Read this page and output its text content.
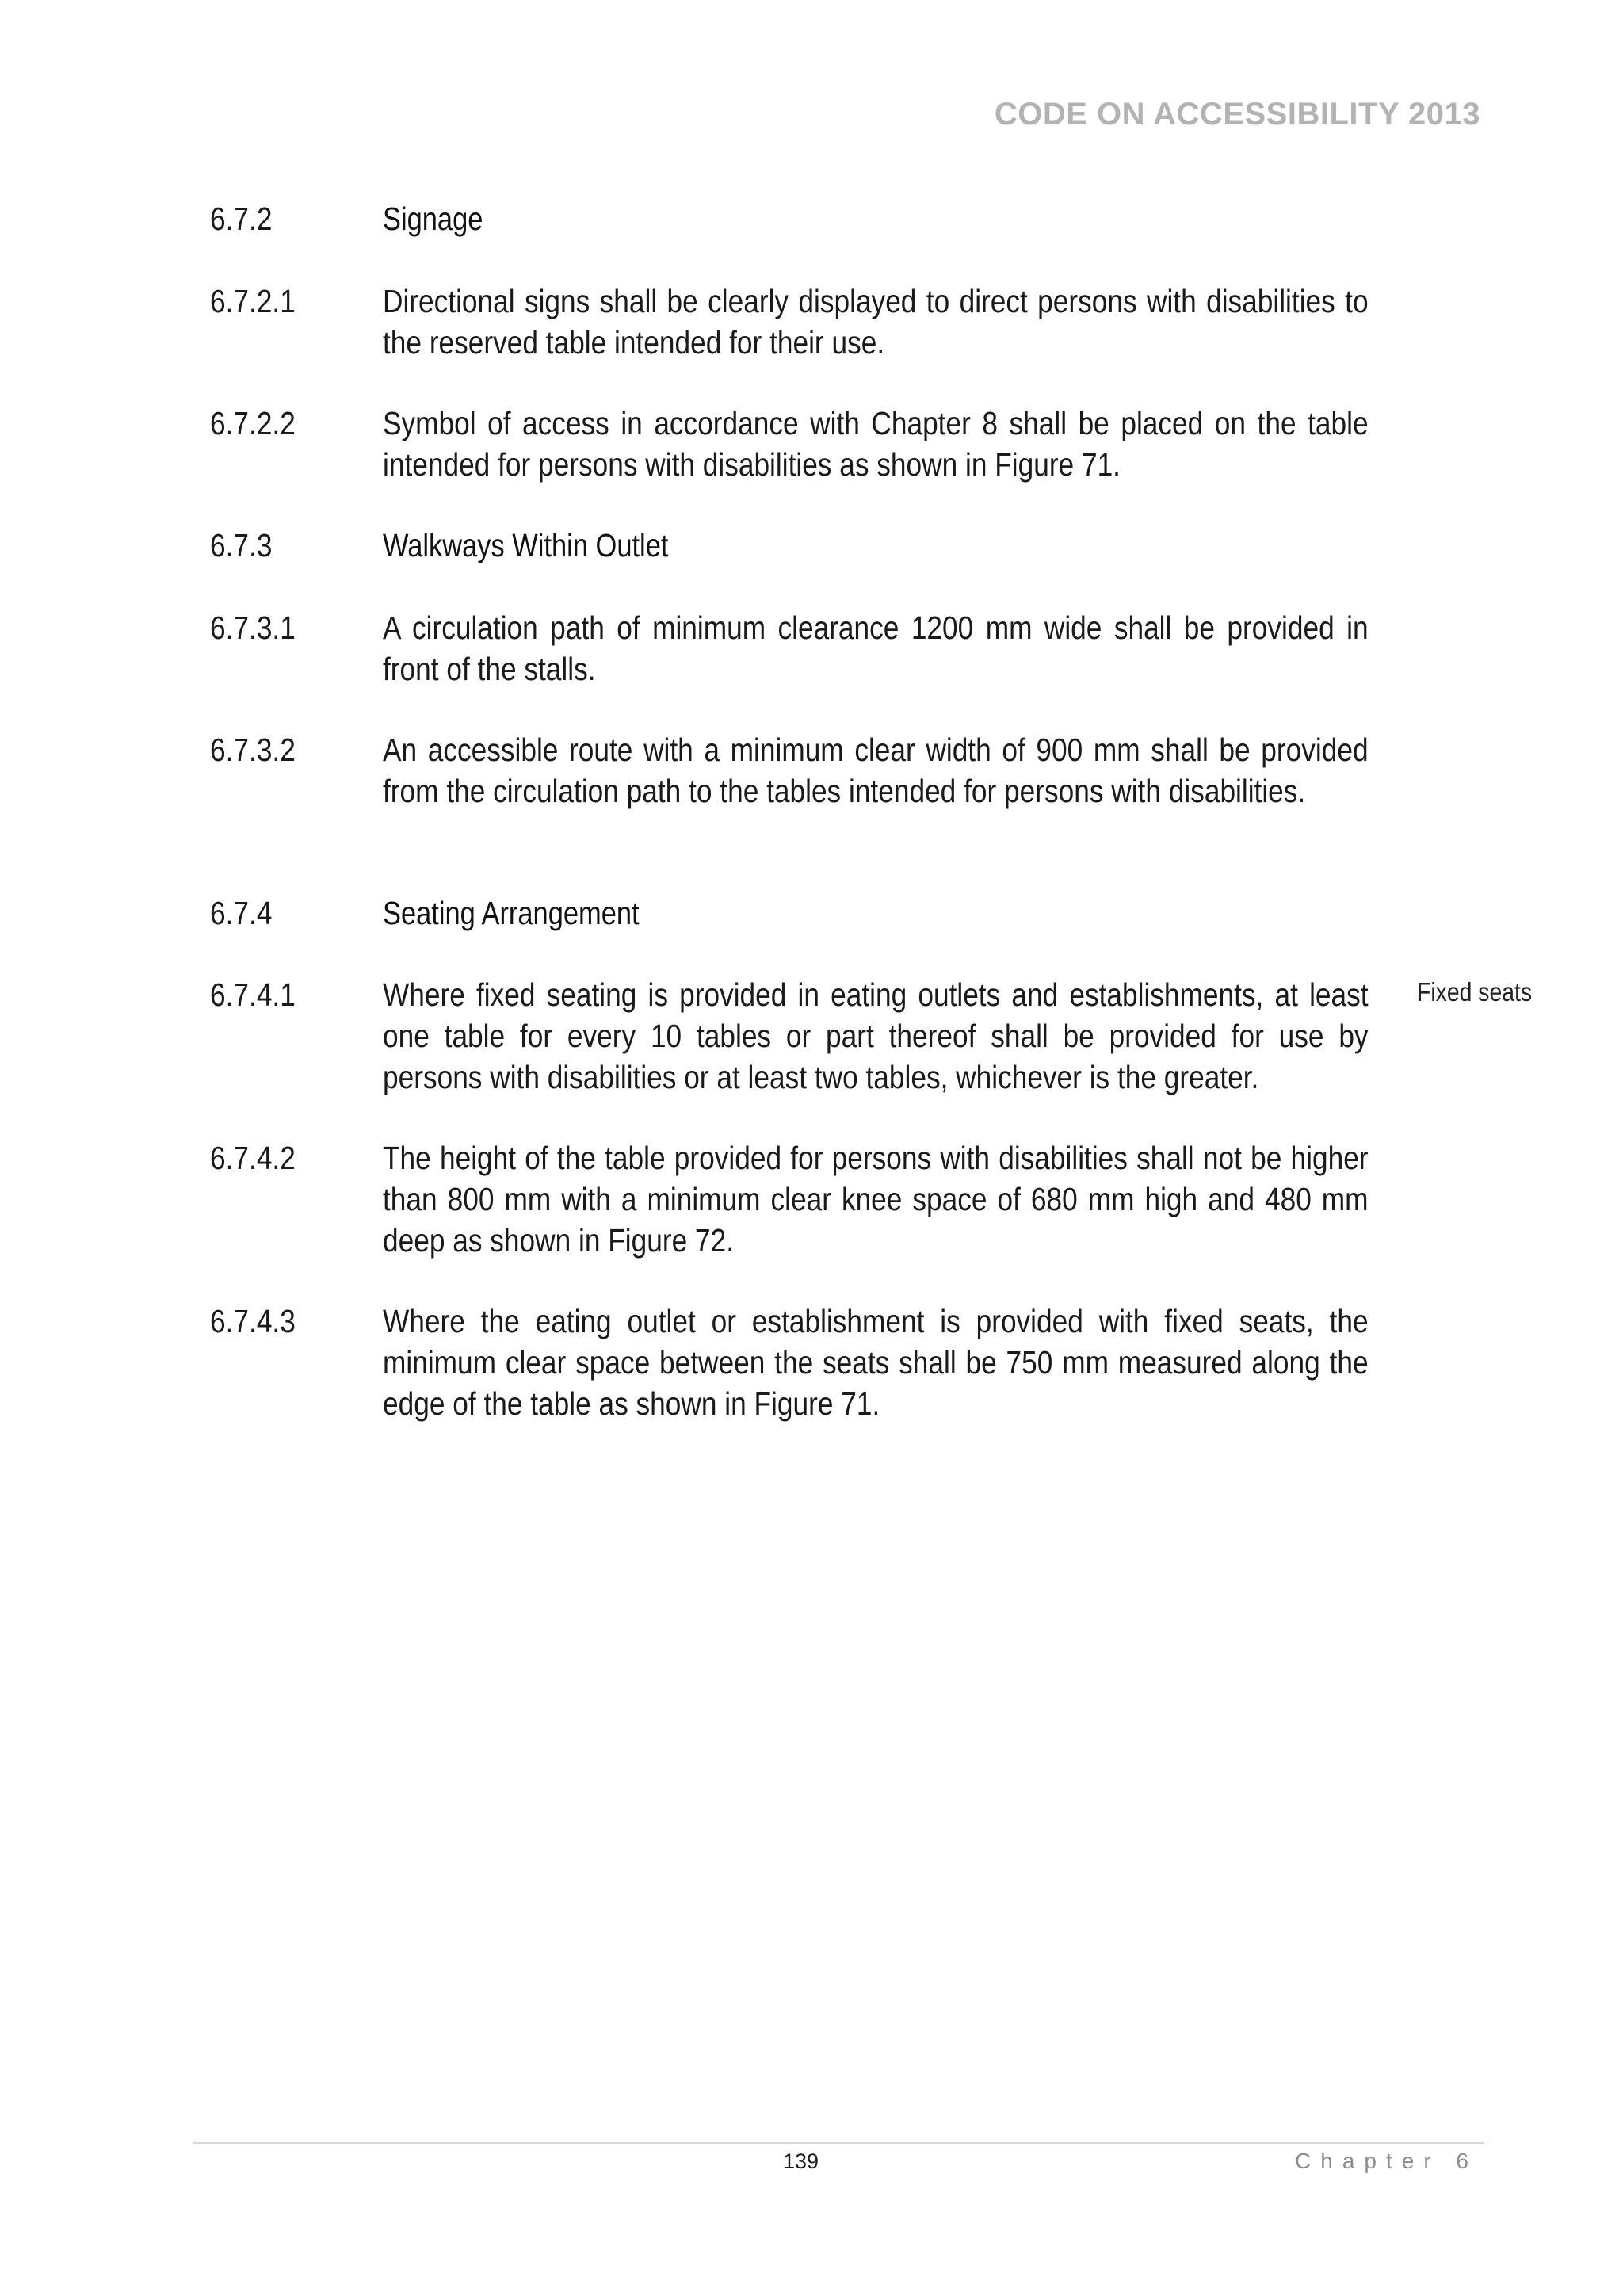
CODE ON ACCESSIBILITY 2013
6.7.2	Signage
6.7.2.1	Directional signs shall be clearly displayed to direct persons with disabilities to the reserved table intended for their use.
6.7.2.2	Symbol of access in accordance with Chapter 8 shall be placed on the table intended for persons with disabilities as shown in Figure 71.
6.7.3	Walkways Within Outlet
6.7.3.1	A circulation path of minimum clearance 1200 mm wide shall be provided in front of the stalls.
6.7.3.2	An accessible route with a minimum clear width of 900 mm shall be provided from the circulation path to the tables intended for persons with disabilities.
6.7.4	Seating Arrangement
6.7.4.1	Where fixed seating is provided in eating outlets and establishments, at least one table for every 10 tables or part thereof shall be provided for use by persons with disabilities or at least two tables, whichever is the greater.
Fixed seats
6.7.4.2	The height of the table provided for persons with disabilities shall not be higher than 800 mm with a minimum clear knee space of 680 mm high and 480 mm deep as shown in Figure 72.
6.7.4.3	Where the eating outlet or establishment is provided with fixed seats, the minimum clear space between the seats shall be 750 mm measured along the edge of the table as shown in Figure 71.
139	Chapter 6
